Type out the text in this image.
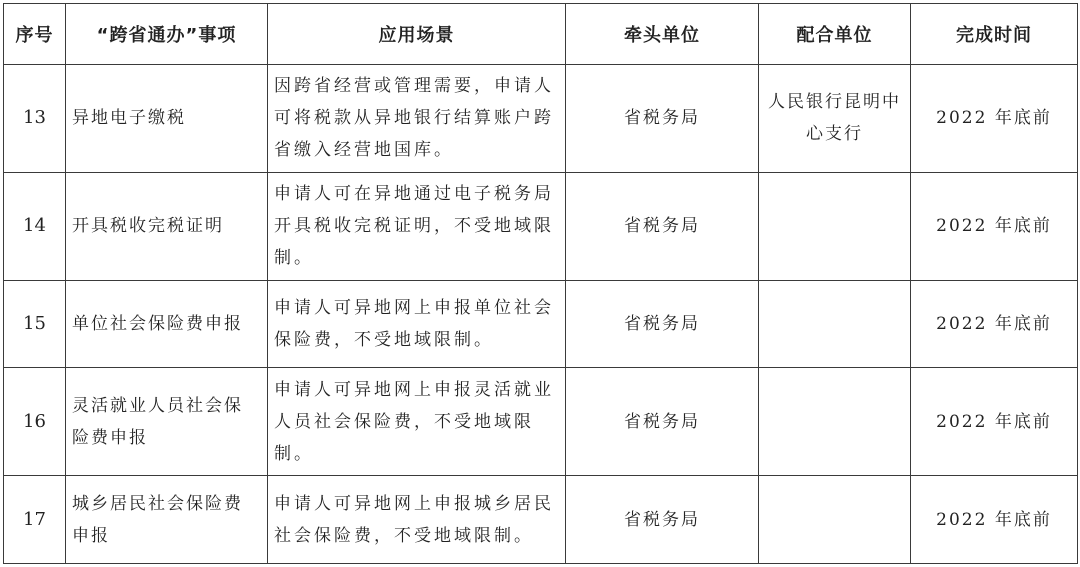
序号	“跨省通办”事项	应用场景	牵头单位	配合单位	完成时间
13	异地电子缴税	因跨省经营或管理需要，申请人可将税款从异地银行结算账户跨省缴入经营地国库。	省税务局	人民银行昆明中心支行	2022 年底前
14	开具税收完税证明	申请人可在异地通过电子税务局开具税收完税证明，不受地域限制。	省税务局		2022 年底前
15	单位社会保险费申报	申请人可异地网上申报单位社会保险费，不受地域限制。	省税务局		2022 年底前
16	灵活就业人员社会保险费申报	申请人可异地网上申报灵活就业人员社会保险费，不受地域限制。	省税务局		2022 年底前
17	城乡居民社会保险费申报	申请人可异地网上申报城乡居民社会保险费，不受地域限制。	省税务局		2022 年底前
